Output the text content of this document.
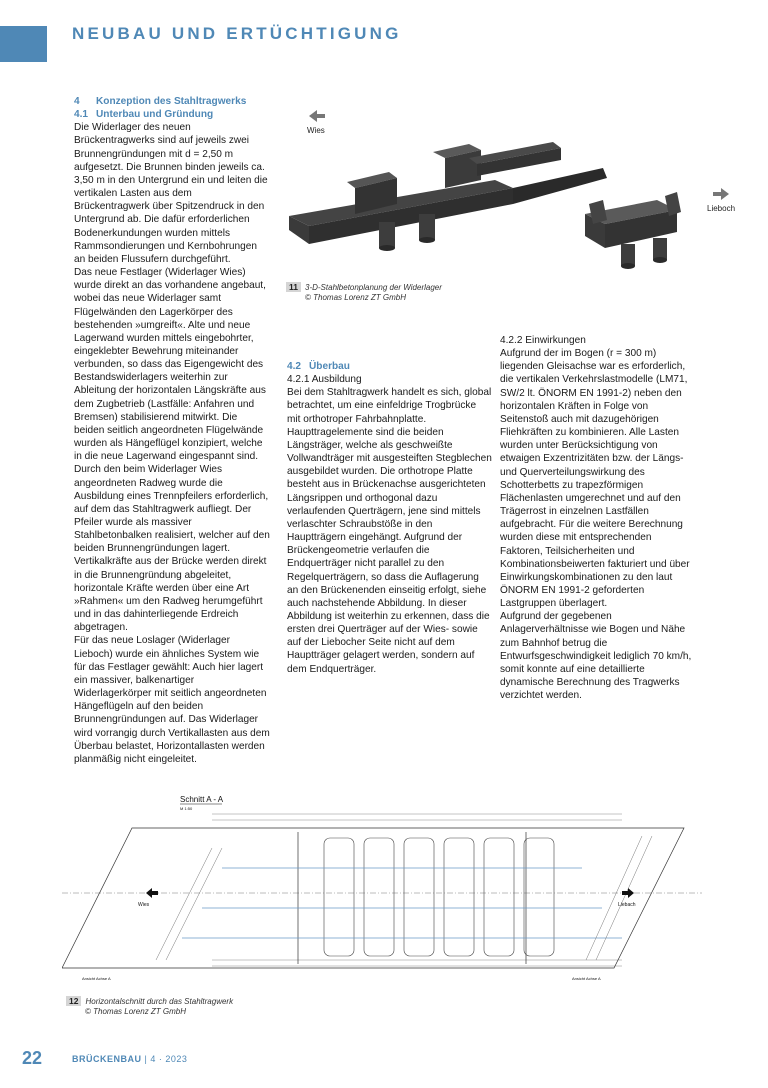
NEUBAU UND ERTÜCHTIGUNG

4 Konzeption des Stahltragwerks

4.1 Unterbau und Gründung

Die Widerlager des neuen Brückentragwerks sind auf jeweils zwei Brunnengründungen mit d = 2,50 m aufgesetzt. Die Brunnen binden jeweils ca. 3,50 m in den Untergrund ein und leiten die vertikalen Lasten aus dem Brückentragwerk über Spitzendruck in den Untergrund ab. Die dafür erforderlichen Bodenerkundungen wurden mittels Rammsondierungen und Kernbohrungen an beiden Flussufern durchgeführt.

Das neue Festlager (Widerlager Wies) wurde direkt an das vorhandene angebaut, wobei das neue Widerlager samt Flügelwänden den Lagerkörper des bestehenden »umgreift«. Alte und neue Lagerwand wurden mittels eingebohrter, eingeklebter Bewehrung miteinander verbunden, so dass das Eigengewicht des Bestandswiderlagers weiterhin zur Ableitung der horizontalen Längskräfte aus dem Zugbetrieb (Lastfälle: Anfahren und Bremsen) stabilisierend mitwirkt. Die beiden seitlich angeordneten Flügelwände wurden als Hängeflügel konzipiert, welche in die neue Lagerwand eingespannt sind.

Durch den beim Widerlager Wies angeordneten Radweg wurde die Ausbildung eines Trennpfeilers erforderlich, auf dem das Stahltragwerk aufliegt. Der Pfeiler wurde als massiver Stahlbetonbalken realisiert, welcher auf den beiden Brunnengründungen lagert. Vertikalkräfte aus der Brücke werden direkt in die Brunnengründung abgeleitet, horizontale Kräfte werden über eine Art »Rahmen« um den Radweg herumgeführt und in das dahinterliegende Erdreich abgetragen.

Für das neue Loslager (Widerlager Lieboch) wurde ein ähnliches System wie für das Festlager gewählt: Auch hier lagert ein massiver, balkenartiger Widerlagerkörper mit seitlich angeordneten Hängeflügeln auf den beiden Brunnengründungen auf. Das Widerlager wird vorrangig durch Vertikallasten aus dem Überbau belastet, Horizontallasten werden planmäßig nicht eingeleitet.

Wies
Lieboch
11 3-D-Stahlbetonplanung der Widerlager
© Thomas Lorenz ZT GmbH

4.2 Überbau

4.2.1 Ausbildung

Bei dem Stahltragwerk handelt es sich, global betrachtet, um eine einfeldrige Trogbrücke mit orthotroper Fahrbahnplatte. Haupttragelemente sind die beiden Längsträger, welche als geschweißte Vollwandträger mit ausgesteiften Stegblechen ausgebildet wurden. Die orthotrope Platte besteht aus in Brückenachse ausgerichteten Längsrippen und orthogonal dazu verlaufenden Querträgern, jene sind mittels verlaschter Schraubstöße in den Hauptträgern eingehängt. Aufgrund der Brückengeometrie verlaufen die Endquerträger nicht parallel zu den Regelquerträgern, so dass die Auflagerung an den Brückenenden einseitig erfolgt, siehe auch nachstehende Abbildung. In dieser Abbildung ist weiterhin zu erkennen, dass die ersten drei Querträger auf der Wies- sowie auf der Liebocher Seite nicht auf dem Hauptträger gelagert werden, sondern auf dem Endquerträger.

4.2.2 Einwirkungen

Aufgrund der im Bogen (r = 300 m) liegenden Gleisachse war es erforderlich, die vertikalen Verkehrslastmodelle (LM71, SW/2 lt. ÖNORM EN 1991-2) neben den horizontalen Kräften in Folge von Seitenstoß auch mit dazugehörigen Fliehkräften zu kombinieren. Alle Lasten wurden unter Berücksichtigung von etwaigen Exzentrizitäten bzw. der Längs- und Querverteilungswirkung des Schotterbetts zu trapezförmigen Flächenlasten umgerechnet und auf den Trägerrost in einzelnen Lastfällen aufgebracht. Für die weitere Berechnung wurden diese mit entsprechenden Faktoren, Teilsicherheiten und Kombinationsbeiwerten fakturiert und über Einwirkungskombinationen zu den laut ÖNORM EN 1991-2 geforderten Lastgruppen überlagert.

Aufgrund der gegebenen Anlagerverhältnisse wie Bogen und Nähe zum Bahnhof betrug die Entwurfsgeschwindigkeit lediglich 70 km/h, somit konnte auf eine detaillierte dynamische Berechnung des Tragwerks verzichtet werden.

Schnitt A - A
M 1:50
Wies	Liebach
Ansicht Achse A	Ansicht Achse A
12 Horizontalschnitt durch das Stahltragwerk
© Thomas Lorenz ZT GmbH
22	BRÜCKENBAU | 4 · 2023
